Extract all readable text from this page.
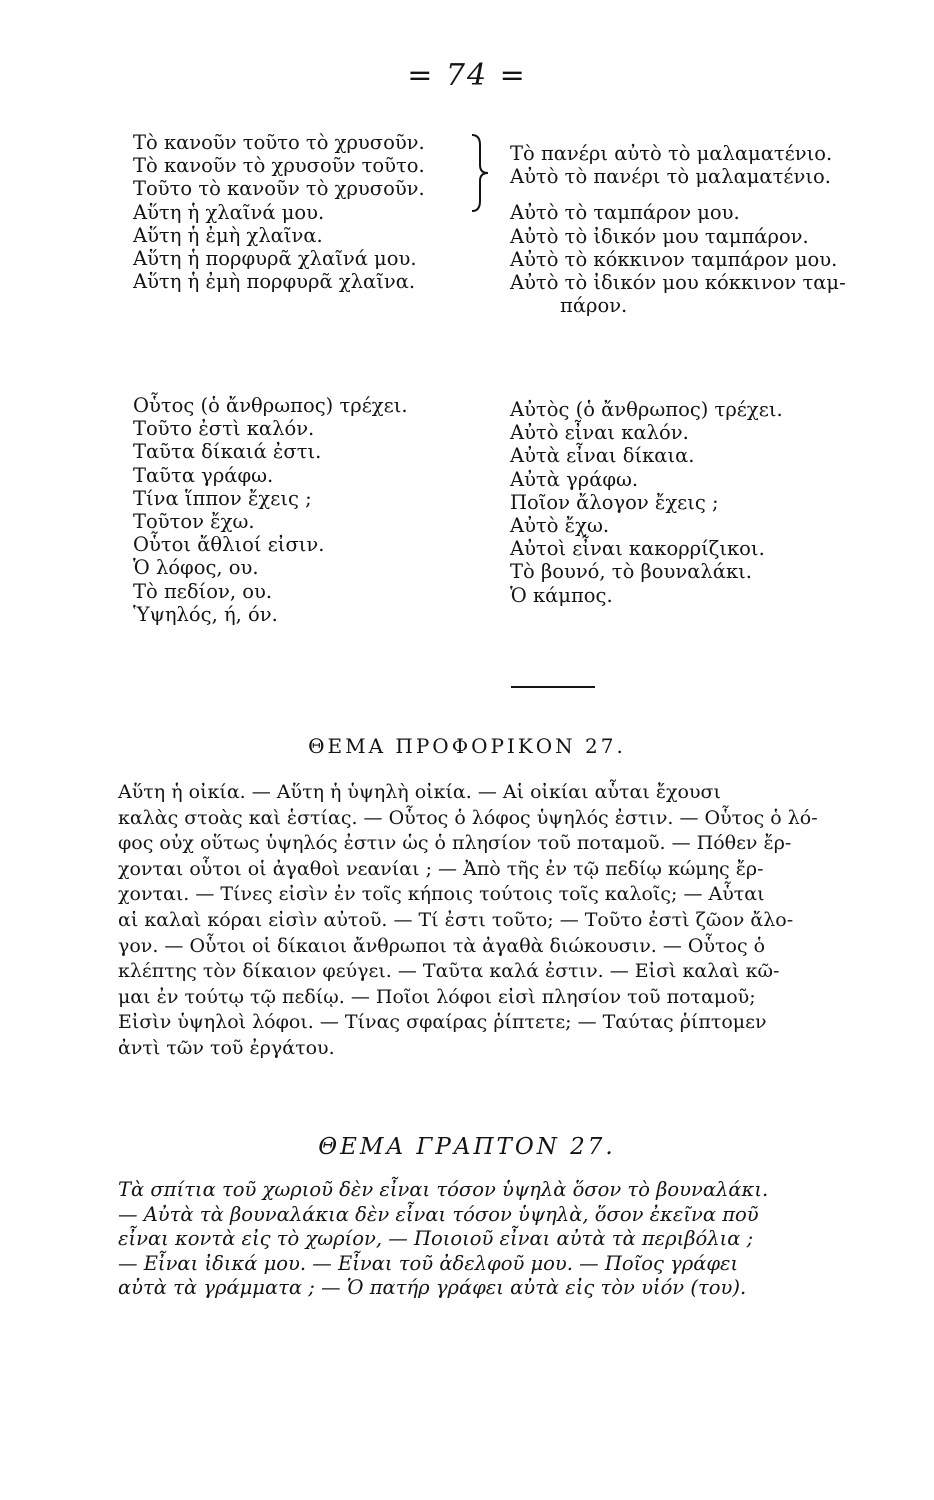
= 74 =
Τὸ κανοῦν τοῦτο τὸ χρυσοῦν.
Τὸ κανοῦν τὸ χρυσοῦν τοῦτο.
Τοῦτο τὸ κανοῦν τὸ χρυσοῦν.
Αὕτη ἡ χλαῖνά μου.
Αὕτη ἡ ἐμὴ χλαῖνα.
Αὕτη ἡ πορφυρᾶ χλαῖνά μου.
Αὕτη ἡ ἐμὴ πορφυρᾶ χλαῖνα.
Τὸ πανέρι αὐτὸ τὸ μαλαματένιο.
Αὐτὸ τὸ πανέρι τὸ μαλαματένιο.
Αὐτὸ τὸ ταμπάρον μου.
Αὐτὸ τὸ ἰδικόν μου ταμπάρον.
Αὐτὸ τὸ κόκκινον ταμπάρον μου.
Αὐτὸ τὸ ἰδικόν μου κόκκινον ταμ-
πάρον.
Οὗτος (ὁ ἄνθρωπος) τρέχει.
Τοῦτο ἐστὶ καλόν.
Ταῦτα δίκαιά ἐστι.
Ταῦτα γράφω.
Τίνα ἵππον ἔχεις ;
Τοῦτον ἔχω.
Οὗτοι ἄθλιοί εἰσιν.
Ὁ λόφος, ου.
Τὸ πεδίον, ου.
Ὑψηλός, ή, όν.
Αὐτὸς (ὁ ἄνθρωπος) τρέχει.
Αὐτὸ εἶναι καλόν.
Αὐτὰ εἶναι δίκαια.
Αὐτὰ γράφω.
Ποῖον ἄλογον ἔχεις ;
Αὐτὸ ἔχω.
Αὐτοὶ εἶναι κακορρίζικοι.
Τὸ βουνό, τὸ βουναλάκι.
Ὁ κάμπος.
ΘΕΜΑ ΠΡΟΦΟΡΙΚΟΝ 27.
Αὕτη ἡ οἰκία. — Αὕτη ἡ ὑψηλὴ οἰκία. — Αἱ οἰκίαι αὗται ἔχουσι
καλὰς στοὰς καὶ ἑστίας. — Οὗτος ὁ λόφος ὑψηλός ἐστιν. — Οὗτος ὁ λό-
φος οὐχ οὕτως ὑψηλός ἐστιν ὡς ὁ πλησίον τοῦ ποταμοῦ. — Πόθεν ἔρ-
χονται οὗτοι οἱ ἀγαθοὶ νεανίαι ; — Ἀπὸ τῆς ἐν τῷ πεδίῳ κώμης ἔρ-
χονται. — Τίνες εἰσὶν ἐν τοῖς κήποις τούτοις τοῖς καλοῖς; — Αὗται
αἱ καλαὶ κόραι εἰσὶν αὐτοῦ. — Τί ἐστι τοῦτο; — Τοῦτο ἐστὶ ζῶον ἄλο-
γον. — Οὗτοι οἱ δίκαιοι ἄνθρωποι τὰ ἀγαθὰ διώκουσιν. — Οὗτος ὁ
κλέπτης τὸν δίκαιον φεύγει. — Ταῦτα καλά ἐστιν. — Εἰσὶ καλαὶ κῶ-
μαι ἐν τούτῳ τῷ πεδίῳ. — Ποῖοι λόφοι εἰσὶ πλησίον τοῦ ποταμοῦ;
Εἰσὶν ὑψηλοὶ λόφοι. — Τίνας σφαίρας ῥίπτετε; — Ταύτας ῥίπτομεν
ἀντὶ τῶν τοῦ ἐργάτου.
ΘΕΜΑ ΓΡΑΠΤΟΝ 27.
Τὰ σπίτια τοῦ χωριοῦ δὲν εἶναι τόσον ὑψηλὰ ὅσον τὸ βουναλάκι.
— Αὐτὰ τὰ βουναλάκια δὲν εἶναι τόσον ὑψηλὰ, ὅσον ἐκεῖνα ποῦ
εἶναι κοντὰ εἰς τὸ χωρίον, — Ποιοιοῦ εἶναι αὐτὰ τὰ περιβόλια ;
— Εἶναι ἰδικά μου. — Εἶναι τοῦ ἀδελφοῦ μου. — Ποῖος γράφει
αὐτὰ τὰ γράμματα ; — Ὁ πατήρ γράφει αὐτὰ εἰς τὸν υἱόν (του).
